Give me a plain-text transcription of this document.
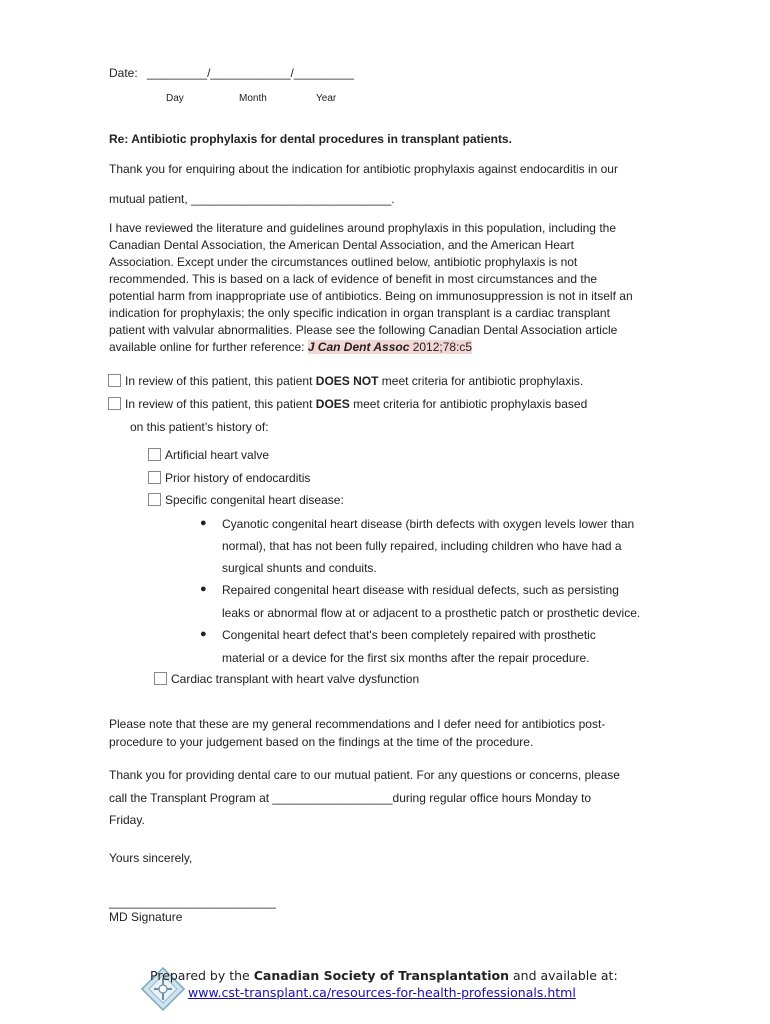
Date: _________/____________/_________
Day	Month	Year
Re: Antibiotic prophylaxis for dental procedures in transplant patients.
Thank you for enquiring about the indication for antibiotic prophylaxis against endocarditis in our
mutual patient, ______________________________.
I have reviewed the literature and guidelines around prophylaxis in this population, including the
Canadian Dental Association, the American Dental Association, and the American Heart
Association. Except under the circumstances outlined below, antibiotic prophylaxis is not
recommended. This is based on a lack of evidence of benefit in most circumstances and the
potential harm from inappropriate use of antibiotics. Being on immunosuppression is not in itself an
indication for prophylaxis; the only specific indication in organ transplant is a cardiac transplant
patient with valvular abnormalities. Please see the following Canadian Dental Association article
available online for further reference: J Can Dent Assoc 2012;78:c5
In review of this patient, this patient DOES NOT meet criteria for antibiotic prophylaxis.
In review of this patient, this patient DOES meet criteria for antibiotic prophylaxis based
on this patient’s history of:
Artificial heart valve
Prior history of endocarditis
Specific congenital heart disease:
● Cyanotic congenital heart disease (birth defects with oxygen levels lower than
normal), that has not been fully repaired, including children who have had a
surgical shunts and conduits.
● Repaired congenital heart disease with residual defects, such as persisting
leaks or abnormal flow at or adjacent to a prosthetic patch or prosthetic device.
● Congenital heart defect that's been completely repaired with prosthetic
material or a device for the first six months after the repair procedure.
Cardiac transplant with heart valve dysfunction
Please note that these are my general recommendations and I defer need for antibiotics post-
procedure to your judgement based on the findings at the time of the procedure.
Thank you for providing dental care to our mutual patient. For any questions or concerns, please
call the Transplant Program at __________________during regular office hours Monday to
Friday.
Yours sincerely,
_________________________
MD Signature
Prepared by the Canadian Society of Transplantation and available at:
www.cst-transplant.ca/resources-for-health-professionals.html
